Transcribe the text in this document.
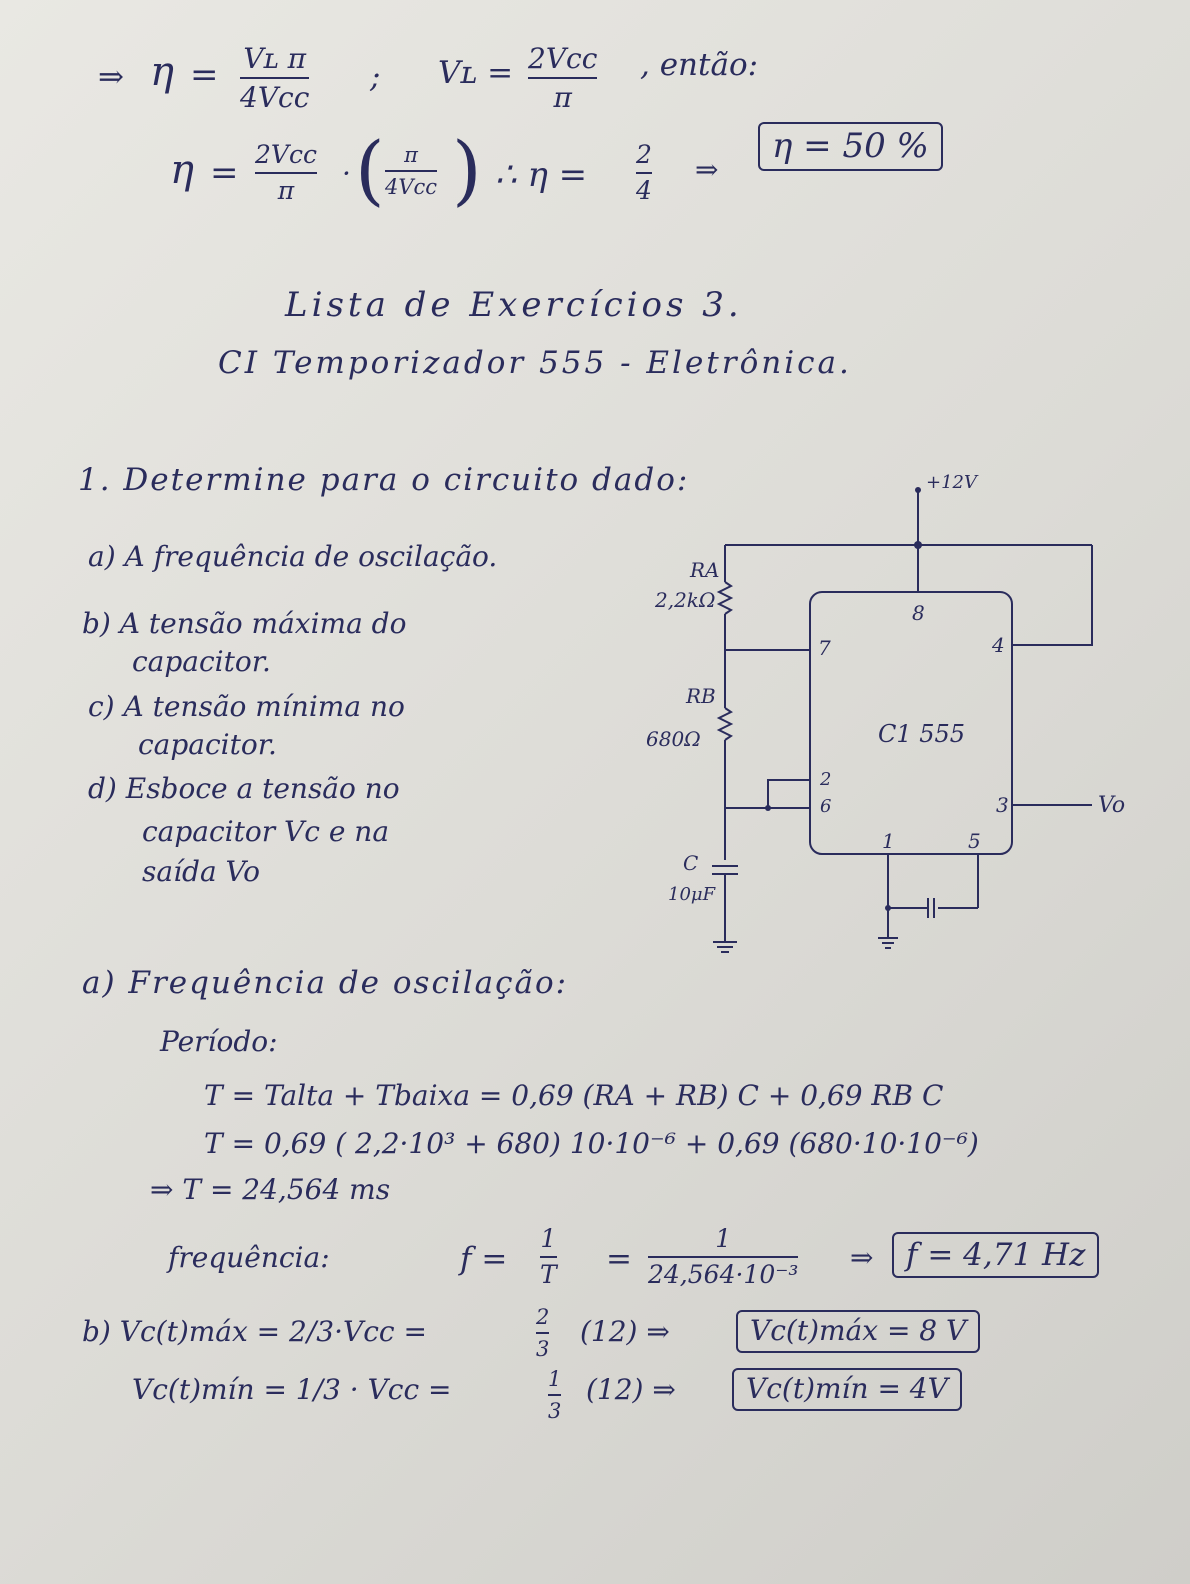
⇒ η = Vʟ π
4Vcc
; Vʟ = 2Vcc
π
, então:
η = 2Vcc
π
· ( π
4Vcc ) ∴ η =
2
4
⇒
η = 50 %
Lista de Exercícios 3.
CI Temporizador 555 - Eletrônica.
1. Determine para o circuito dado:
a) A frequência de oscilação.
b) A tensão máxima do
capacitor.
c) A tensão mínima no
capacitor.
d) Esboce a tensão no
capacitor Vc e na
saída Vo
+12V
RA
2,2kΩ
RB
680Ω
C
10μF
C1 555
8
7	4
2
6	3
1	5
Vo
a) Frequência de oscilação:
Período:
T = Talta + Tbaixa = 0,69 (RA + RB) C + 0,69 RB C
T = 0,69 ( 2,2·10³ + 680) 10·10⁻⁶ + 0,69 (680·10·10⁻⁶)
⇒ T = 24,564 ms
frequência:	f =
1
T =
1
24,564·10⁻³
⇒	f = 4,71 Hz
b) Vc(t)máx = 2/3·Vcc =	2
3
(12) ⇒	Vc(t)máx = 8 V
Vc(t)mín = 1/3 · Vcc =	1
3
(12) ⇒	Vc(t)mín = 4V
